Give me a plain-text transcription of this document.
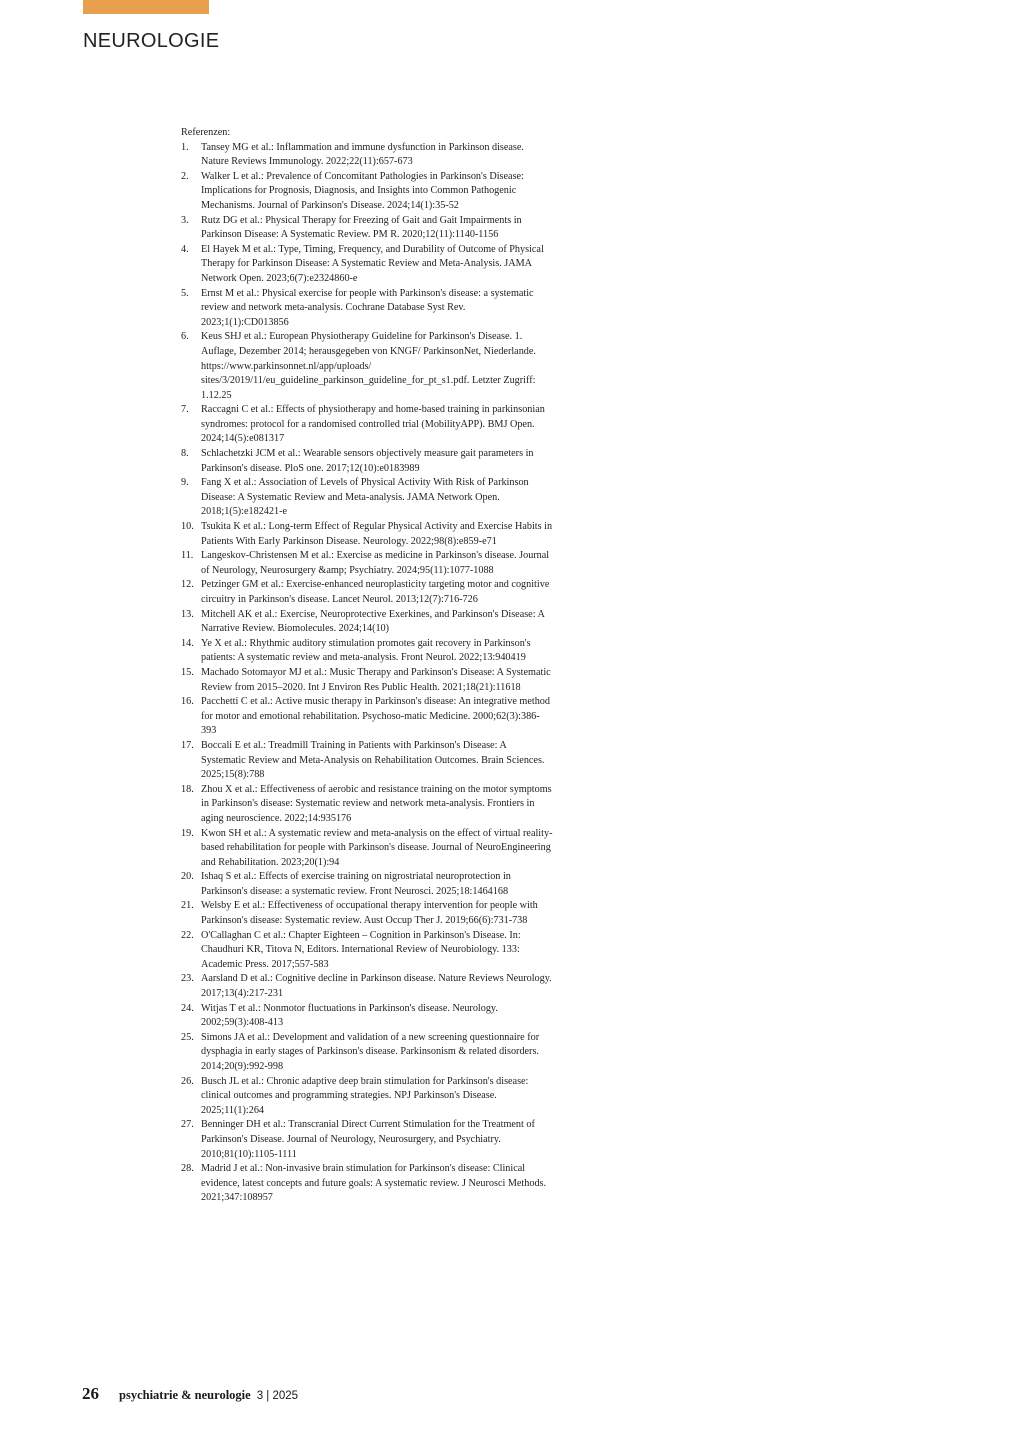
NEUROLOGIE
Referenzen:
1.	Tansey MG et al.: Inflammation and immune dysfunction in Parkinson disease. Nature Reviews Immunology. 2022;22(11):657-673
2.	Walker L et al.: Prevalence of Concomitant Pathologies in Parkinson's Disease: Implications for Prognosis, Diagnosis, and Insights into Common Pathogenic Mechanisms. Journal of Parkinson's Disease. 2024;14(1):35-52
3.	Rutz DG et al.: Physical Therapy for Freezing of Gait and Gait Impairments in Parkinson Disease: A Systematic Review. PM R. 2020;12(11):1140-1156
4.	El Hayek M et al.: Type, Timing, Frequency, and Durability of Outcome of Physical Therapy for Parkinson Disease: A Systematic Review and Meta-Analysis. JAMA Network Open. 2023;6(7):e2324860-e
5.	Ernst M et al.: Physical exercise for people with Parkinson's disease: a systematic review and network meta-analysis. Cochrane Database Syst Rev. 2023;1(1):CD013856
6.	Keus SHJ et al.: European Physiotherapy Guideline for Parkinson's Disease. 1. Auflage, Dezember 2014; herausgegeben von KNGF/ ParkinsonNet, Niederlande. https://www.parkinsonnet.nl/app/uploads/ sites/3/2019/11/eu_guideline_parkinson_guideline_for_pt_s1.pdf. Letzter Zugriff: 1.12.25
7.	Raccagni C et al.: Effects of physiotherapy and home-based training in parkinsonian syndromes: protocol for a randomised controlled trial (MobilityAPP). BMJ Open. 2024;14(5):e081317
8.	Schlachetzki JCM et al.: Wearable sensors objectively measure gait parameters in Parkinson's disease. PloS one. 2017;12(10):e0183989
9.	Fang X et al.: Association of Levels of Physical Activity With Risk of Parkinson Disease: A Systematic Review and Meta-analysis. JAMA Network Open. 2018;1(5):e182421-e
10. Tsukita K et al.: Long-term Effect of Regular Physical Activity and Exercise Habits in Patients With Early Parkinson Disease. Neurology. 2022;98(8):e859-e71
11. Langeskov-Christensen M et al.: Exercise as medicine in Parkinson's disease. Journal of Neurology, Neurosurgery &amp; Psychiatry. 2024;95(11):1077-1088
12. Petzinger GM et al.: Exercise-enhanced neuroplasticity targeting motor and cognitive circuitry in Parkinson's disease. Lancet Neurol. 2013;12(7):716-726
13. Mitchell AK et al.: Exercise, Neuroprotective Exerkines, and Parkinson's Disease: A Narrative Review. Biomolecules. 2024;14(10)
14. Ye X et al.: Rhythmic auditory stimulation promotes gait recovery in Parkinson's patients: A systematic review and meta-analysis. Front Neurol. 2022;13:940419
15. Machado Sotomayor MJ et al.: Music Therapy and Parkinson's Disease: A Systematic Review from 2015–2020. Int J Environ Res Public Health. 2021;18(21):11618
16. Pacchetti C et al.: Active music therapy in Parkinson's disease: An integrative method for motor and emotional rehabilitation. Psychoso-matic Medicine. 2000;62(3):386-393
17. Boccali E et al.: Treadmill Training in Patients with Parkinson's Disease: A Systematic Review and Meta-Analysis on Rehabilitation Outcomes. Brain Sciences. 2025;15(8):788
18. Zhou X et al.: Effectiveness of aerobic and resistance training on the motor symptoms in Parkinson's disease: Systematic review and network meta-analysis. Frontiers in aging neuroscience. 2022;14:935176
19. Kwon SH et al.: A systematic review and meta-analysis on the effect of virtual reality-based rehabilitation for people with Parkinson's disease. Journal of NeuroEngineering and Rehabilitation. 2023;20(1):94
20. Ishaq S et al.: Effects of exercise training on nigrostriatal neuroprotection in Parkinson's disease: a systematic review. Front Neurosci. 2025;18:1464168
21. Welsby E et al.: Effectiveness of occupational therapy intervention for people with Parkinson's disease: Systematic review. Aust Occup Ther J. 2019;66(6):731-738
22. O'Callaghan C et al.: Chapter Eighteen – Cognition in Parkinson's Disease. In: Chaudhuri KR, Titova N, Editors. International Review of Neurobiology. 133: Academic Press. 2017;557-583
23. Aarsland D et al.: Cognitive decline in Parkinson disease. Nature Reviews Neurology. 2017;13(4):217-231
24. Witjas T et al.: Nonmotor fluctuations in Parkinson's disease. Neurology. 2002;59(3):408-413
25. Simons JA et al.: Development and validation of a new screening questionnaire for dysphagia in early stages of Parkinson's disease. Parkinsonism & related disorders. 2014;20(9):992-998
26. Busch JL et al.: Chronic adaptive deep brain stimulation for Parkinson's disease: clinical outcomes and programming strategies. NPJ Parkinson's Disease. 2025;11(1):264
27. Benninger DH et al.: Transcranial Direct Current Stimulation for the Treatment of Parkinson's Disease. Journal of Neurology, Neurosurgery, and Psychiatry. 2010;81(10):1105-1111
28. Madrid J et al.: Non-invasive brain stimulation for Parkinson's disease: Clinical evidence, latest concepts and future goals: A systematic review. J Neurosci Methods. 2021;347:108957
26 psychiatrie & neurologie 3 | 2025
